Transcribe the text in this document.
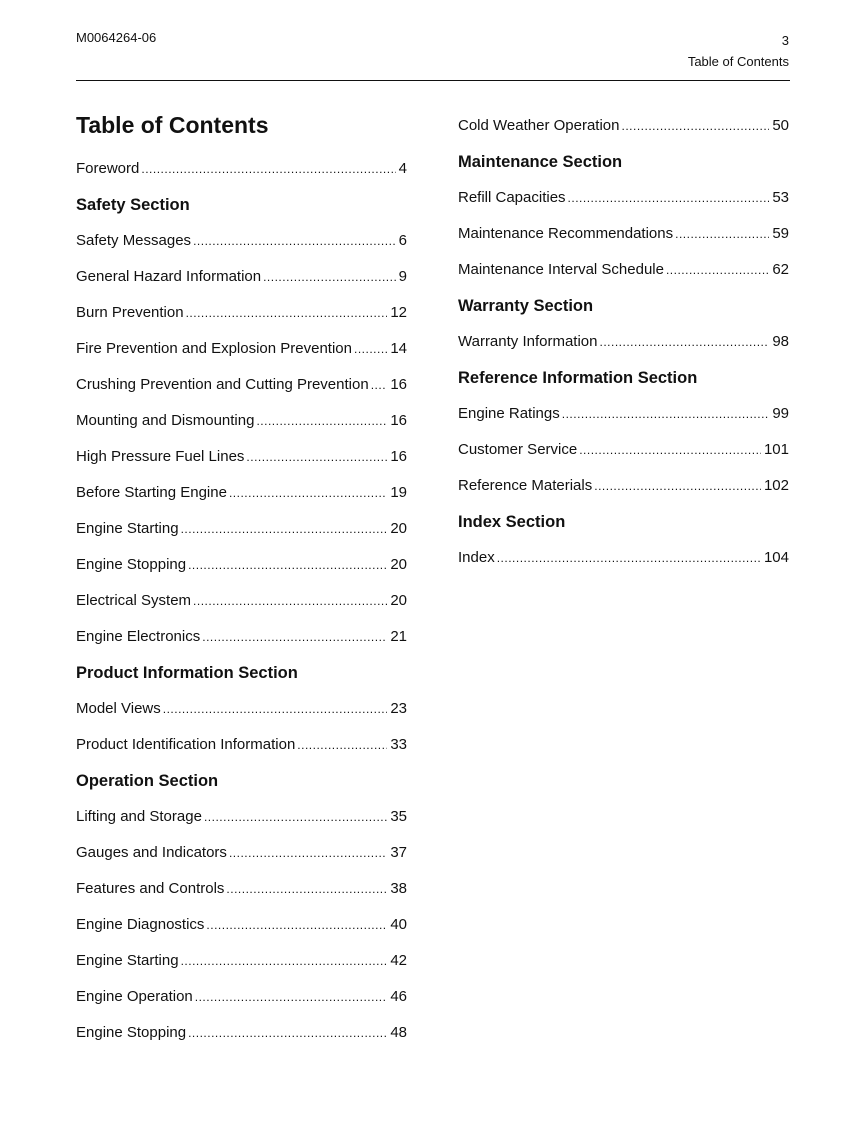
M0064264-06	3
Table of Contents
Table of Contents
Foreword .....	4
Safety Section
Safety Messages .....	6
General Hazard Information .....	9
Burn Prevention .....	12
Fire Prevention and Explosion Prevention .....	14
Crushing Prevention and Cutting Prevention ..... 16
Mounting and Dismounting .....	16
High Pressure Fuel Lines .....	16
Before Starting Engine .....	19
Engine Starting .....	20
Engine Stopping .....	20
Electrical System .....	20
Engine Electronics .....	21
Product Information Section
Model Views .....	23
Product Identification Information .....	33
Operation Section
Lifting and Storage .....	35
Gauges and Indicators .....	37
Features and Controls .....	38
Engine Diagnostics .....	40
Engine Starting .....	42
Engine Operation .....	46
Engine Stopping .....	48
Cold Weather Operation .....	50
Maintenance Section
Refill Capacities .....	53
Maintenance Recommendations .....	59
Maintenance Interval Schedule .....	62
Warranty Section
Warranty Information .....	98
Reference Information Section
Engine Ratings .....	99
Customer Service .....	101
Reference Materials .....	102
Index Section
Index .....	104
